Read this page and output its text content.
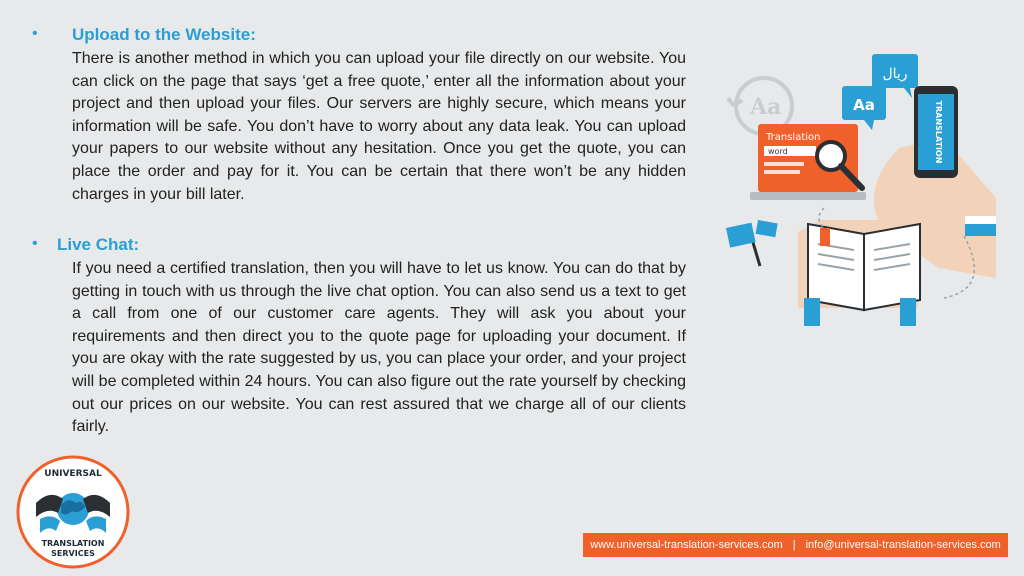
• Upload to the Website:

There is another method in which you can upload your file directly on our website. You can click on the page that says ‘get a free quote,’ enter all the information about your project and then upload your files. Our servers are highly secure, which means your information will be safe. You don’t have to worry about any data leak. You can upload your papers to our website without any hesitation. Once you get the quote, you can place the order and pay for it. You can be certain that there won’t be any hidden charges in your bill later.

• Live Chat:

If you need a certified translation, then you will have to let us know. You can do that by getting in touch with us through the live chat option. You can also send us a text to get a call from one of our customer care agents. They will ask you about your requirements and then direct you to the quote page for uploading your document. If you are okay with the rate suggested by us, you can place your order, and your project will be completed within 24 hours. You can also figure out the rate yourself by checking out our prices on our website. You can rest assured that we charge all of our clients fairly.

Aa	Aa
ريال
TRANSLATION
Translation
word
UNIVERSAL
TRANSLATION
SERVICES
www.universal-translation-services.com | info@universal-translation-services.com
